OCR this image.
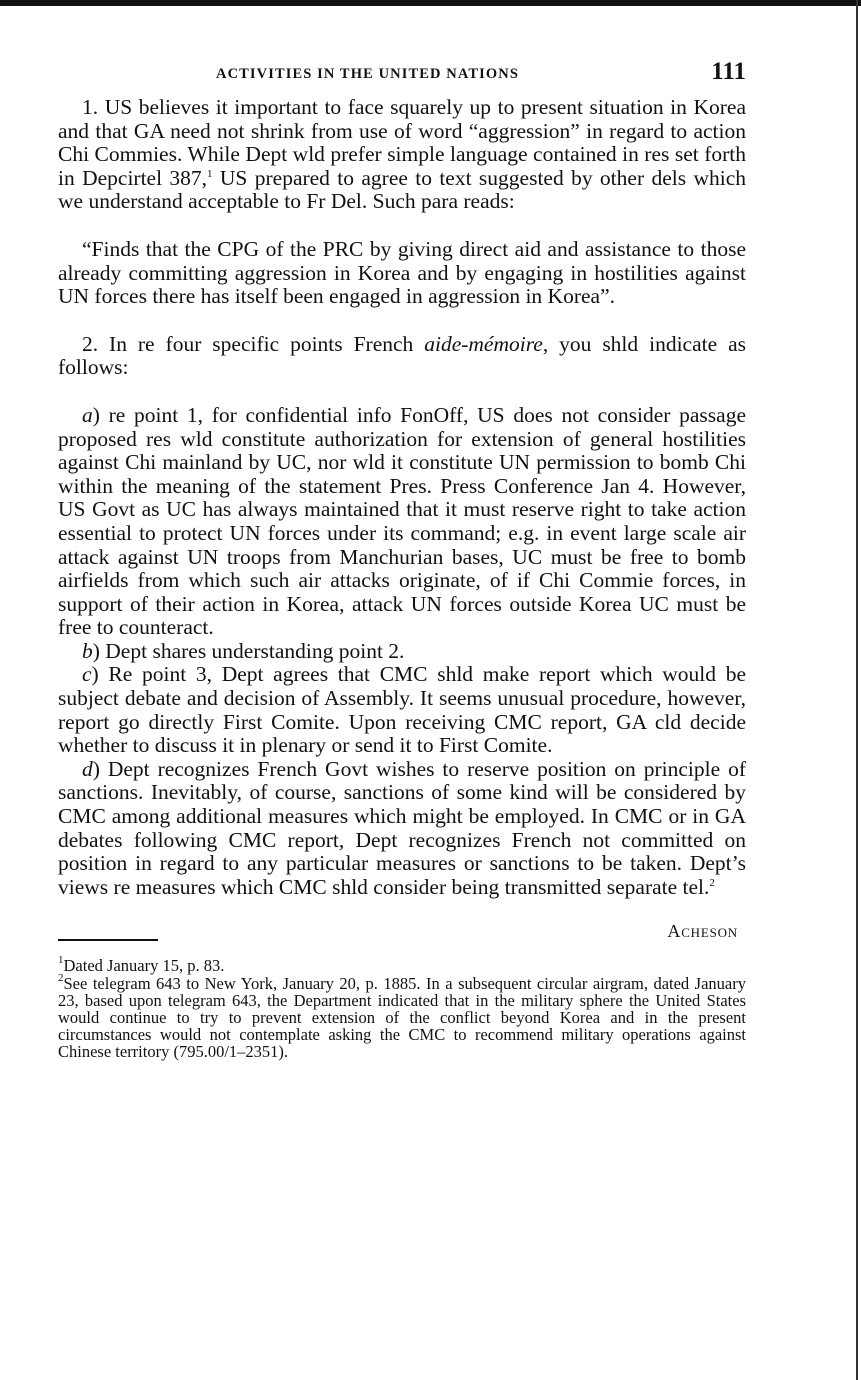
ACTIVITIES IN THE UNITED NATIONS	111

1. US believes it important to face squarely up to present situation in Korea and that GA need not shrink from use of word “aggression” in regard to action Chi Commies. While Dept wld prefer simple language contained in res set forth in Depcirtel 387,$^1$ US prepared to agree to text suggested by other dels which we understand acceptable to Fr Del. Such para reads:

“Finds that the CPG of the PRC by giving direct aid and assistance to those already committing aggression in Korea and by engaging in hostilities against UN forces there has itself been engaged in aggression in Korea”.

2. In re four specific points French aide-mémoire, you shld indicate as follows:

a) re point 1, for confidential info FonOff, US does not consider passage proposed res wld constitute authorization for extension of general hostilities against Chi mainland by UC, nor wld it constitute UN permission to bomb Chi within the meaning of the statement Pres. Press Conference Jan 4. However, US Govt as UC has always maintained that it must reserve right to take action essential to protect UN forces under its command; e.g. in event large scale air attack against UN troops from Manchurian bases, UC must be free to bomb airfields from which such air attacks originate, of if Chi Commie forces, in support of their action in Korea, attack UN forces outside Korea UC must be free to counteract.

b) Dept shares understanding point 2.

c) Re point 3, Dept agrees that CMC shld make report which would be subject debate and decision of Assembly. It seems unusual procedure, however, report go directly First Comite. Upon receiving CMC report, GA cld decide whether to discuss it in plenary or send it to First Comite.

d) Dept recognizes French Govt wishes to reserve position on principle of sanctions. Inevitably, of course, sanctions of some kind will be considered by CMC among additional measures which might be employed. In CMC or in GA debates following CMC report, Dept recognizes French not committed on position in regard to any particular measures or sanctions to be taken. Dept’s views re measures which CMC shld consider being transmitted separate tel.$^2$

Acheson

$^1$Dated January 15, p. 83.

$^2$See telegram 643 to New York, January 20, p. 1885. In a subsequent circular airgram, dated January 23, based upon telegram 643, the Department indicated that in the military sphere the United States would continue to try to prevent extension of the conflict beyond Korea and in the present circumstances would not contemplate asking the CMC to recommend military operations against Chinese territory (795.00/1–2351).
